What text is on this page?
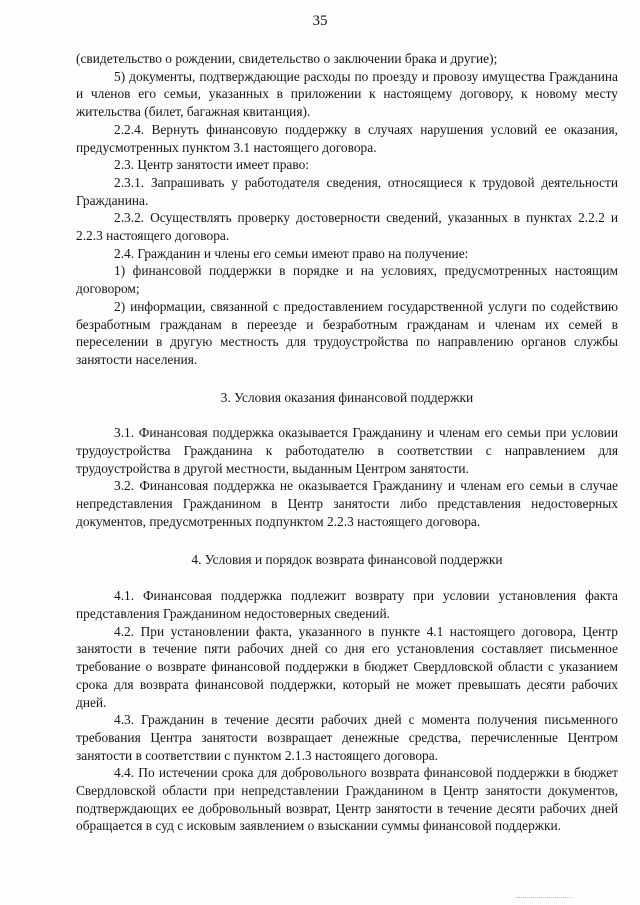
35

(свидетельство о рождении, свидетельство о заключении брака и другие);

5) документы, подтверждающие расходы по проезду и провозу имущества Гражданина и членов его семьи, указанных в приложении к настоящему договору, к новому месту жительства (билет, багажная квитанция).

2.2.4. Вернуть финансовую поддержку в случаях нарушения условий ее оказания, предусмотренных пунктом 3.1 настоящего договора.

2.3. Центр занятости имеет право:

2.3.1. Запрашивать у работодателя сведения, относящиеся к трудовой деятельности Гражданина.

2.3.2. Осуществлять проверку достоверности сведений, указанных в пунктах 2.2.2 и 2.2.3 настоящего договора.

2.4. Гражданин и члены его семьи имеют право на получение:

1) финансовой поддержки в порядке и на условиях, предусмотренных настоящим договором;

2) информации, связанной с предоставлением государственной услуги по содействию безработным гражданам в переезде и безработным гражданам и членам их семей в переселении в другую местность для трудоустройства по направлению органов службы занятости населения.

3. Условия оказания финансовой поддержки

3.1. Финансовая поддержка оказывается Гражданину и членам его семьи при условии трудоустройства Гражданина к работодателю в соответствии с направлением для трудоустройства в другой местности, выданным Центром занятости.

3.2. Финансовая поддержка не оказывается Гражданину и членам его семьи в случае непредставления Гражданином в Центр занятости либо представления недостоверных документов, предусмотренных подпунктом 2.2.3 настоящего договора.

4. Условия и порядок возврата финансовой поддержки

4.1. Финансовая поддержка подлежит возврату при условии установления факта представления Гражданином недостоверных сведений.

4.2. При установлении факта, указанного в пункте 4.1 настоящего договора, Центр занятости в течение пяти рабочих дней со дня его установления составляет письменное требование о возврате финансовой поддержки в бюджет Свердловской области с указанием срока для возврата финансовой поддержки, который не может превышать десяти рабочих дней.

4.3. Гражданин в течение десяти рабочих дней с момента получения письменного требования Центра занятости возвращает денежные средства, перечисленные Центром занятости в соответствии с пунктом 2.1.3 настоящего договора.

4.4. По истечении срока для добровольного возврата финансовой поддержки в бюджет Свердловской области при непредставлении Гражданином в Центр занятости документов, подтверждающих ее добровольный возврат, Центр занятости в течение десяти рабочих дней обращается в суд с исковым заявлением о взыскании суммы финансовой поддержки.
